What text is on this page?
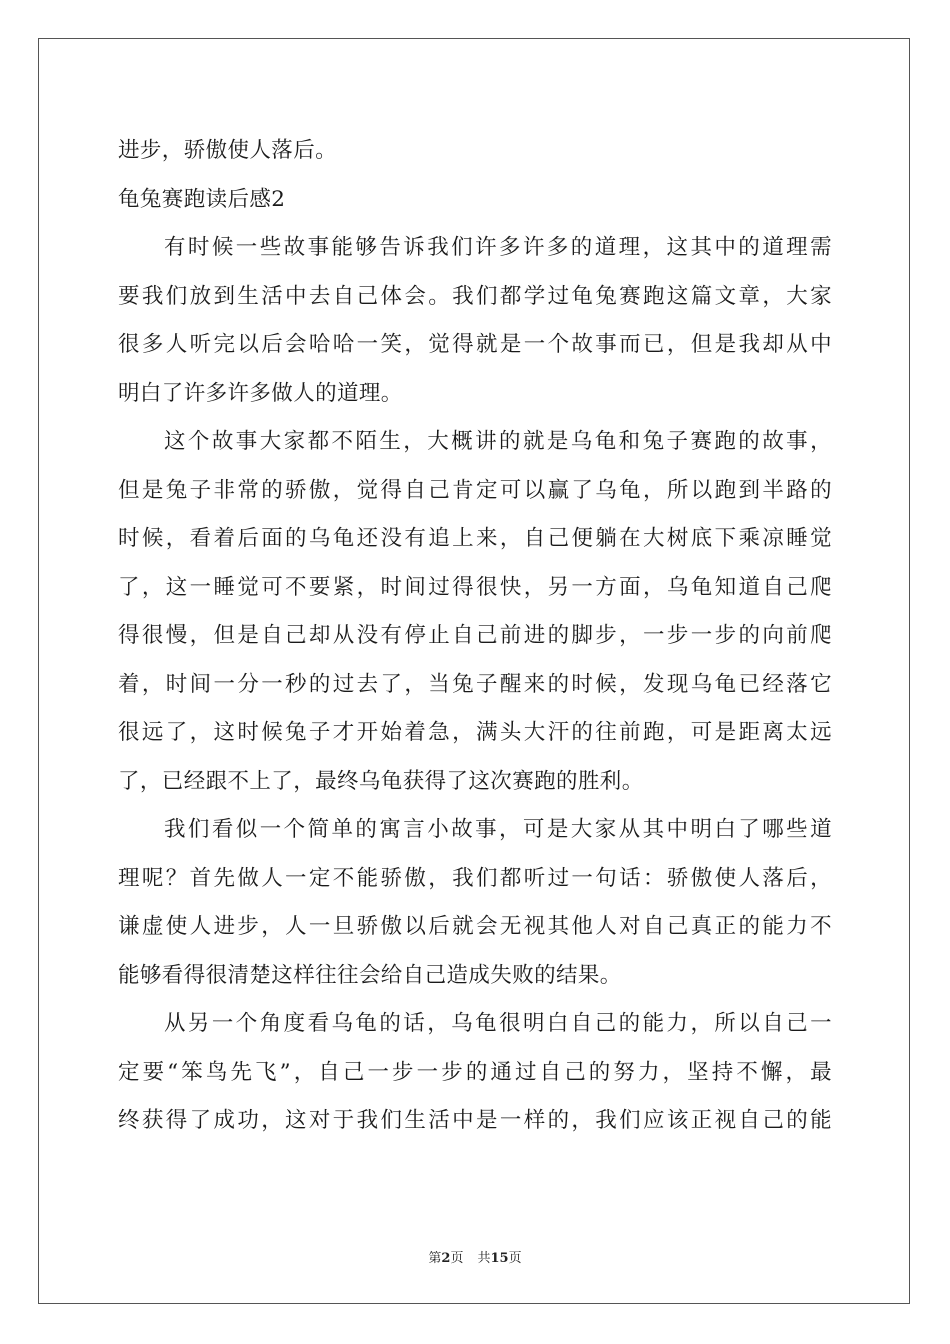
进步，骄傲使人落后。
龟兔赛跑读后感2
有时候一些故事能够告诉我们许多许多的道理，这其中的道理需
要我们放到生活中去自己体会。我们都学过龟兔赛跑这篇文章，大家
很多人听完以后会哈哈一笑，觉得就是一个故事而已，但是我却从中
明白了许多许多做人的道理。
这个故事大家都不陌生，大概讲的就是乌龟和兔子赛跑的故事，
但是兔子非常的骄傲，觉得自己肯定可以赢了乌龟，所以跑到半路的
时候，看着后面的乌龟还没有追上来，自己便躺在大树底下乘凉睡觉
了，这一睡觉可不要紧，时间过得很快，另一方面，乌龟知道自己爬
得很慢，但是自己却从没有停止自己前进的脚步，一步一步的向前爬
着，时间一分一秒的过去了，当兔子醒来的时候，发现乌龟已经落它
很远了，这时候兔子才开始着急，满头大汗的往前跑，可是距离太远
了，已经跟不上了，最终乌龟获得了这次赛跑的胜利。
我们看似一个简单的寓言小故事，可是大家从其中明白了哪些道
理呢？首先做人一定不能骄傲，我们都听过一句话：骄傲使人落后，
谦虚使人进步，人一旦骄傲以后就会无视其他人对自己真正的能力不
能够看得很清楚这样往往会给自己造成失败的结果。
从另一个角度看乌龟的话，乌龟很明白自己的能力，所以自己一
定要“笨鸟先飞”，自己一步一步的通过自己的努力，坚持不懈，最
终获得了成功，这对于我们生活中是一样的，我们应该正视自己的能
第2页 共15页
